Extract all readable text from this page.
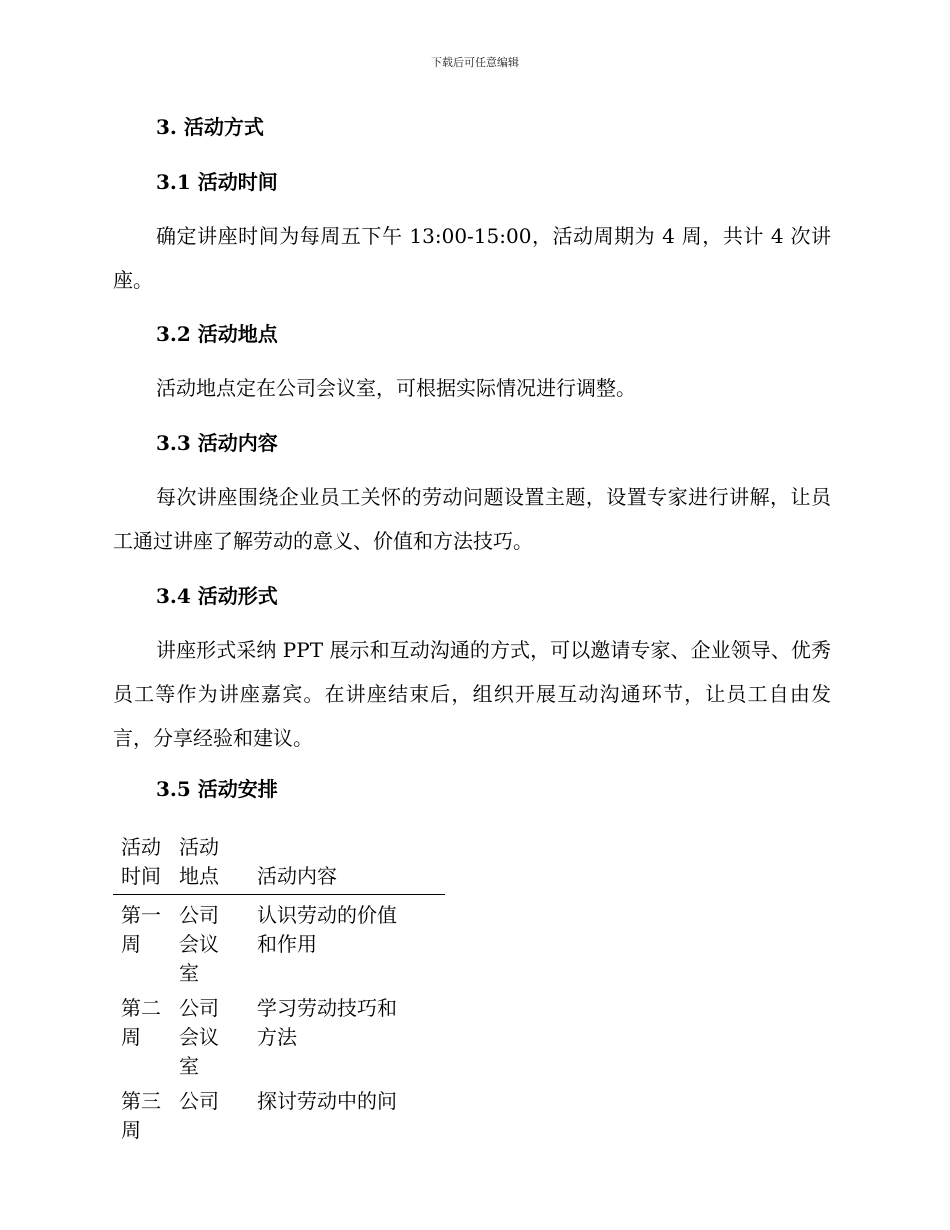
下载后可任意编辑
3. 活动方式
3.1 活动时间
确定讲座时间为每周五下午 13:00-15:00，活动周期为 4 周，共计 4 次讲座。
3.2 活动地点
活动地点定在公司会议室，可根据实际情况进行调整。
3.3 活动内容
每次讲座围绕企业员工关怀的劳动问题设置主题，设置专家进行讲解，让员工通过讲座了解劳动的意义、价值和方法技巧。
3.4 活动形式
讲座形式采纳 PPT 展示和互动沟通的方式，可以邀请专家、企业领导、优秀员工等作为讲座嘉宾。在讲座结束后，组织开展互动沟通环节，让员工自由发言，分享经验和建议。
3.5 活动安排
活动时间
活动地点 活动内容
第一周
公司会议室
认识劳动的价值和作用
第二周
公司会议室
学习劳动技巧和方法
第三周
公司 探讨劳动中的问
